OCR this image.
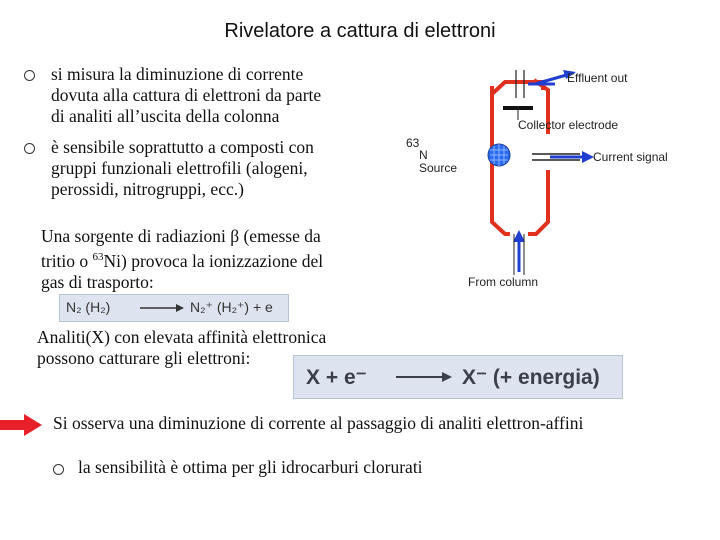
Rivelatore a cattura di elettroni
si misura la diminuzione di corrente
dovuta alla cattura di elettroni da parte
di analiti all’uscita della colonna
è sensibile soprattutto a composti con
gruppi funzionali elettrofili (alogeni,
perossidi, nitrogruppi, ecc.)
Una sorgente di radiazioni β (emesse da
tritio o $^{63}$Ni) provoca la ionizzazione del
gas di trasporto:
N₂ (H₂) → N₂⁺ (H₂⁺) + e
Analiti(X) con elevata affinità elettronica
possono catturare gli elettroni:
X + e⁻ → X⁻ (+ energia)
Si osserva una diminuzione di corrente al passaggio di analiti elettron-affini
la sensibilità è ottima per gli idrocarburi clorurati
Effluent out
Collector electrode
63
N
Source
Current signal
From column
